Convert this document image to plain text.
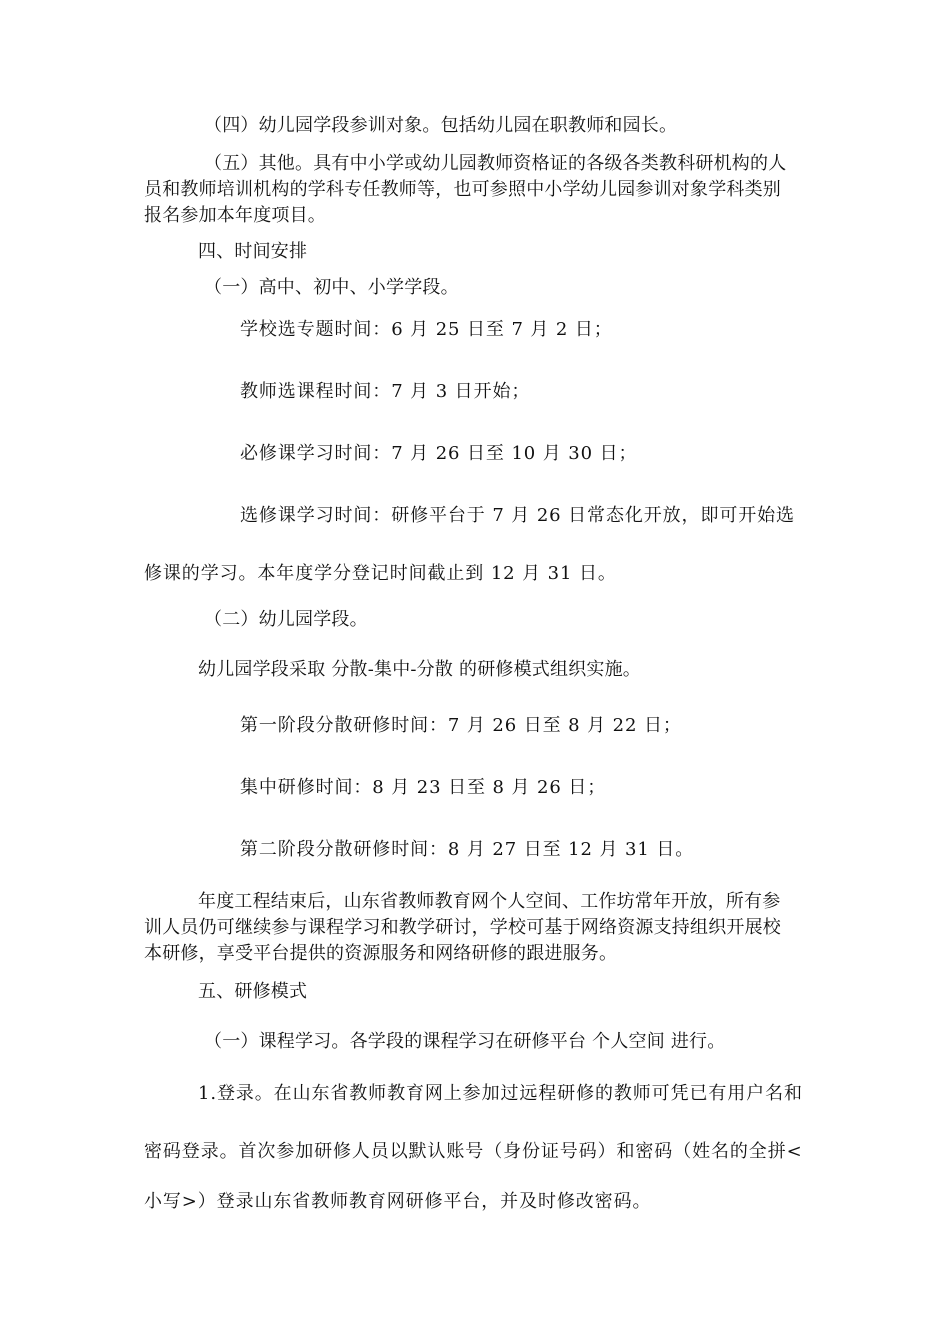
（四）幼儿园学段参训对象。包括幼儿园在职教师和园长。
（五）其他。具有中小学或幼儿园教师资格证的各级各类教科研机构的人
员和教师培训机构的学科专任教师等，也可参照中小学幼儿园参训对象学科类别
报名参加本年度项目。
四、时间安排
（一）高中、初中、小学学段。
学校选专题时间：6 月 25 日至 7 月 2 日；
教师选课程时间：7 月 3 日开始；
必修课学习时间：7 月 26 日至 10 月 30 日；
选修课学习时间：研修平台于 7 月 26 日常态化开放，即可开始选
修课的学习。本年度学分登记时间截止到 12 月 31 日。
（二）幼儿园学段。
幼儿园学段采取 分散-集中-分散 的研修模式组织实施。
第一阶段分散研修时间：7 月 26 日至 8 月 22 日；
集中研修时间：8 月 23 日至 8 月 26 日；
第二阶段分散研修时间：8 月 27 日至 12 月 31 日。
年度工程结束后，山东省教师教育网个人空间、工作坊常年开放，所有参
训人员仍可继续参与课程学习和教学研讨，学校可基于网络资源支持组织开展校
本研修，享受平台提供的资源服务和网络研修的跟进服务。
五、研修模式
（一）课程学习。各学段的课程学习在研修平台 个人空间 进行。
1.登录。在山东省教师教育网上参加过远程研修的教师可凭已有用户名和
密码登录。首次参加研修人员以默认账号（身份证号码）和密码（姓名的全拼<
小写>）登录山东省教师教育网研修平台，并及时修改密码。
